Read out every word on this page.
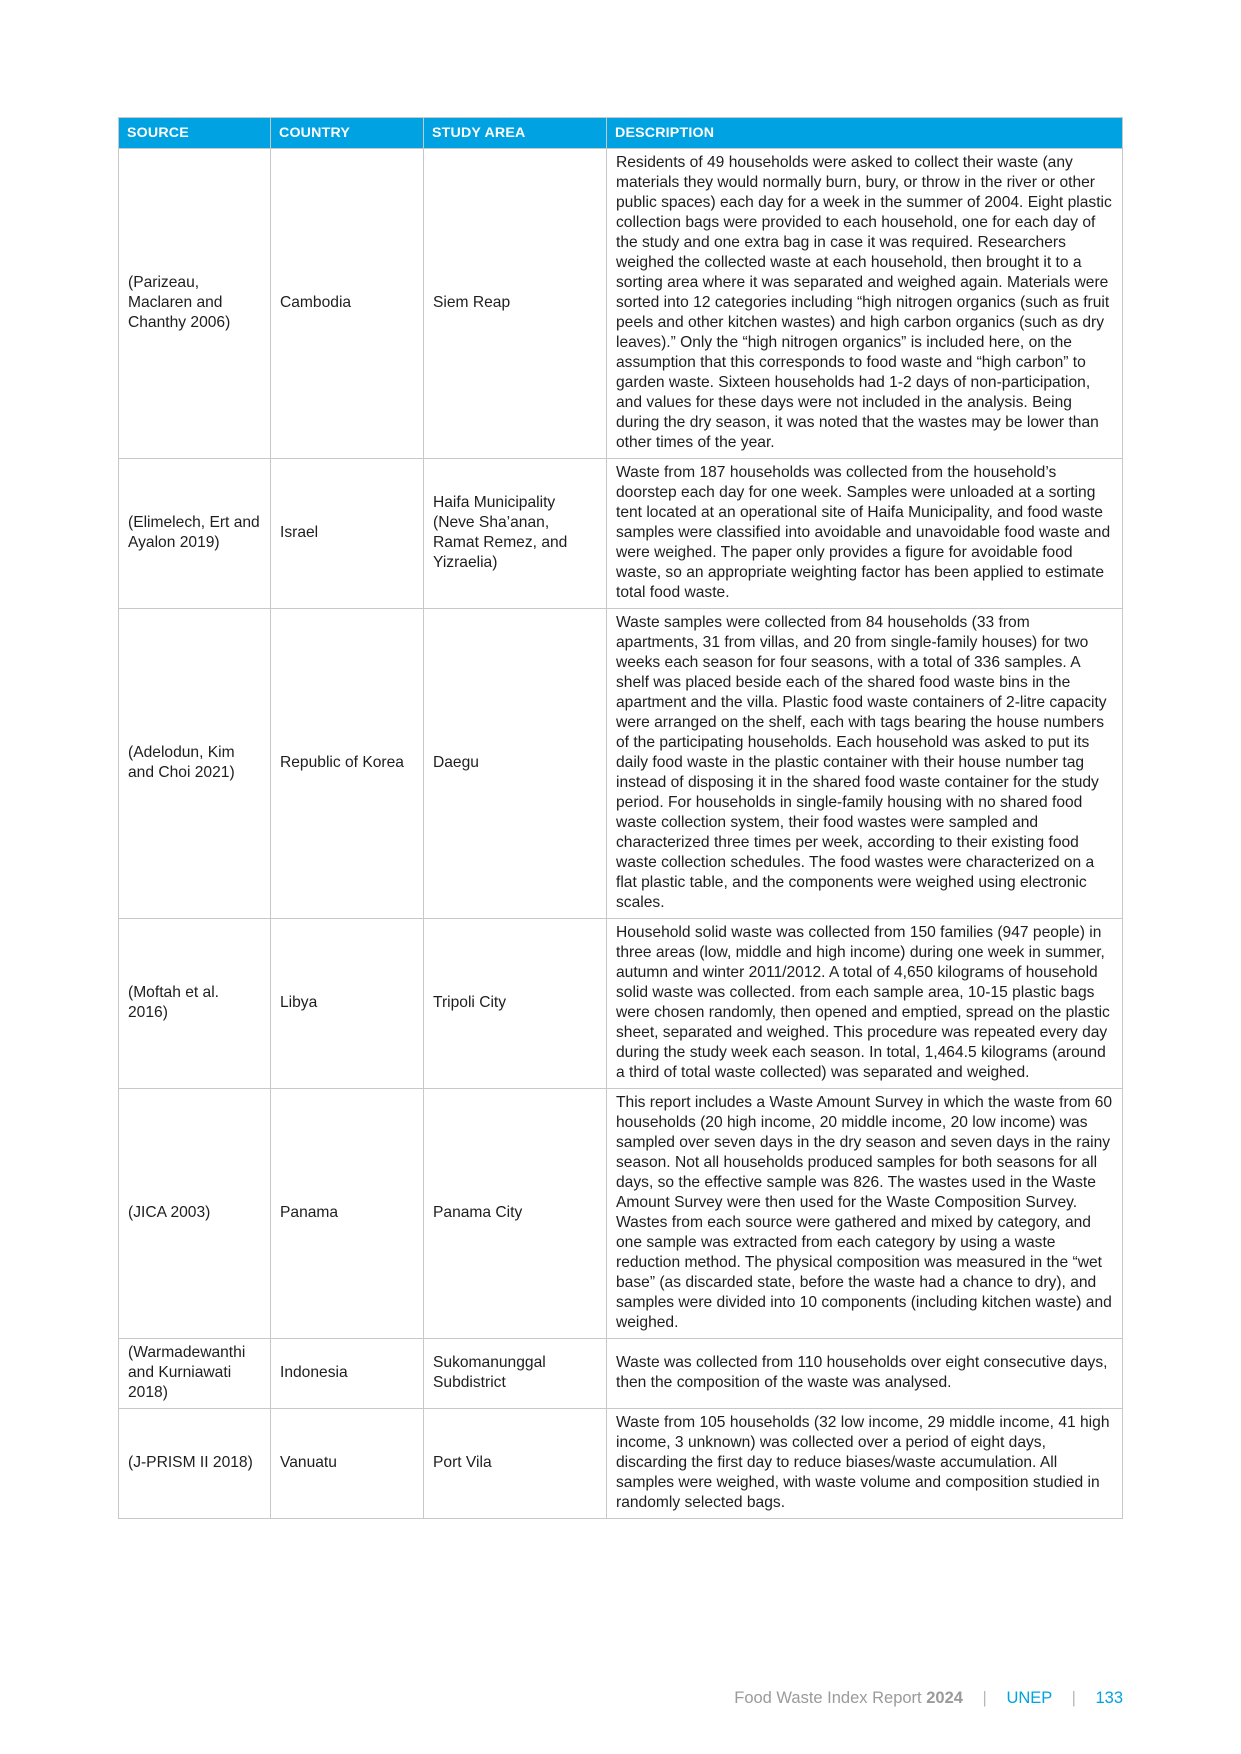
SOURCE	COUNTRY	STUDY AREA	DESCRIPTION
(Parizeau, Maclaren and Chanthy 2006)	Cambodia	Siem Reap	Residents of 49 households were asked to collect their waste (any materials they would normally burn, bury, or throw in the river or other public spaces) each day for a week in the summer of 2004. Eight plastic collection bags were provided to each household, one for each day of the study and one extra bag in case it was required. Researchers weighed the collected waste at each household, then brought it to a sorting area where it was separated and weighed again. Materials were sorted into 12 categories including “high nitrogen organics (such as fruit peels and other kitchen wastes) and high carbon organics (such as dry leaves).” Only the “high nitrogen organics” is included here, on the assumption that this corresponds to food waste and “high carbon” to garden waste. Sixteen households had 1-2 days of non-participation, and values for these days were not included in the analysis. Being during the dry season, it was noted that the wastes may be lower than other times of the year.
(Elimelech, Ert and Ayalon 2019)	Israel	Haifa Municipality (Neve Sha’anan, Ramat Remez, and Yizraelia)	Waste from 187 households was collected from the household’s doorstep each day for one week. Samples were unloaded at a sorting tent located at an operational site of Haifa Municipality, and food waste samples were classified into avoidable and unavoidable food waste and were weighed. The paper only provides a figure for avoidable food waste, so an appropriate weighting factor has been applied to estimate total food waste.
(Adelodun, Kim and Choi 2021)	Republic of Korea	Daegu	Waste samples were collected from 84 households (33 from apartments, 31 from villas, and 20 from single-family houses) for two weeks each season for four seasons, with a total of 336 samples. A shelf was placed beside each of the shared food waste bins in the apartment and the villa. Plastic food waste containers of 2-litre capacity were arranged on the shelf, each with tags bearing the house numbers of the participating households. Each household was asked to put its daily food waste in the plastic container with their house number tag instead of disposing it in the shared food waste container for the study period. For households in single-family housing with no shared food waste collection system, their food wastes were sampled and characterized three times per week, according to their existing food waste collection schedules. The food wastes were characterized on a flat plastic table, and the components were weighed using electronic scales.
(Moftah et al. 2016)	Libya	Tripoli City	Household solid waste was collected from 150 families (947 people) in three areas (low, middle and high income) during one week in summer, autumn and winter 2011/2012. A total of 4,650 kilograms of household solid waste was collected. from each sample area, 10-15 plastic bags were chosen randomly, then opened and emptied, spread on the plastic sheet, separated and weighed. This procedure was repeated every day during the study week each season. In total, 1,464.5 kilograms (around a third of total waste collected) was separated and weighed.
(JICA 2003)	Panama	Panama City	This report includes a Waste Amount Survey in which the waste from 60 households (20 high income, 20 middle income, 20 low income) was sampled over seven days in the dry season and seven days in the rainy season. Not all households produced samples for both seasons for all days, so the effective sample was 826. The wastes used in the Waste Amount Survey were then used for the Waste Composition Survey. Wastes from each source were gathered and mixed by category, and one sample was extracted from each category by using a waste reduction method. The physical composition was measured in the “wet base” (as discarded state, before the waste had a chance to dry), and samples were divided into 10 components (including kitchen waste) and weighed.
(Warmadewanthi and Kurniawati 2018)	Indonesia	Sukomanunggal Subdistrict	Waste was collected from 110 households over eight consecutive days, then the composition of the waste was analysed.
(J-PRISM II 2018)	Vanuatu	Port Vila	Waste from 105 households (32 low income, 29 middle income, 41 high income, 3 unknown) was collected over a period of eight days, discarding the first day to reduce biases/waste accumulation. All samples were weighed, with waste volume and composition studied in randomly selected bags.
Food Waste Index Report 2024 | UNEP | 133
